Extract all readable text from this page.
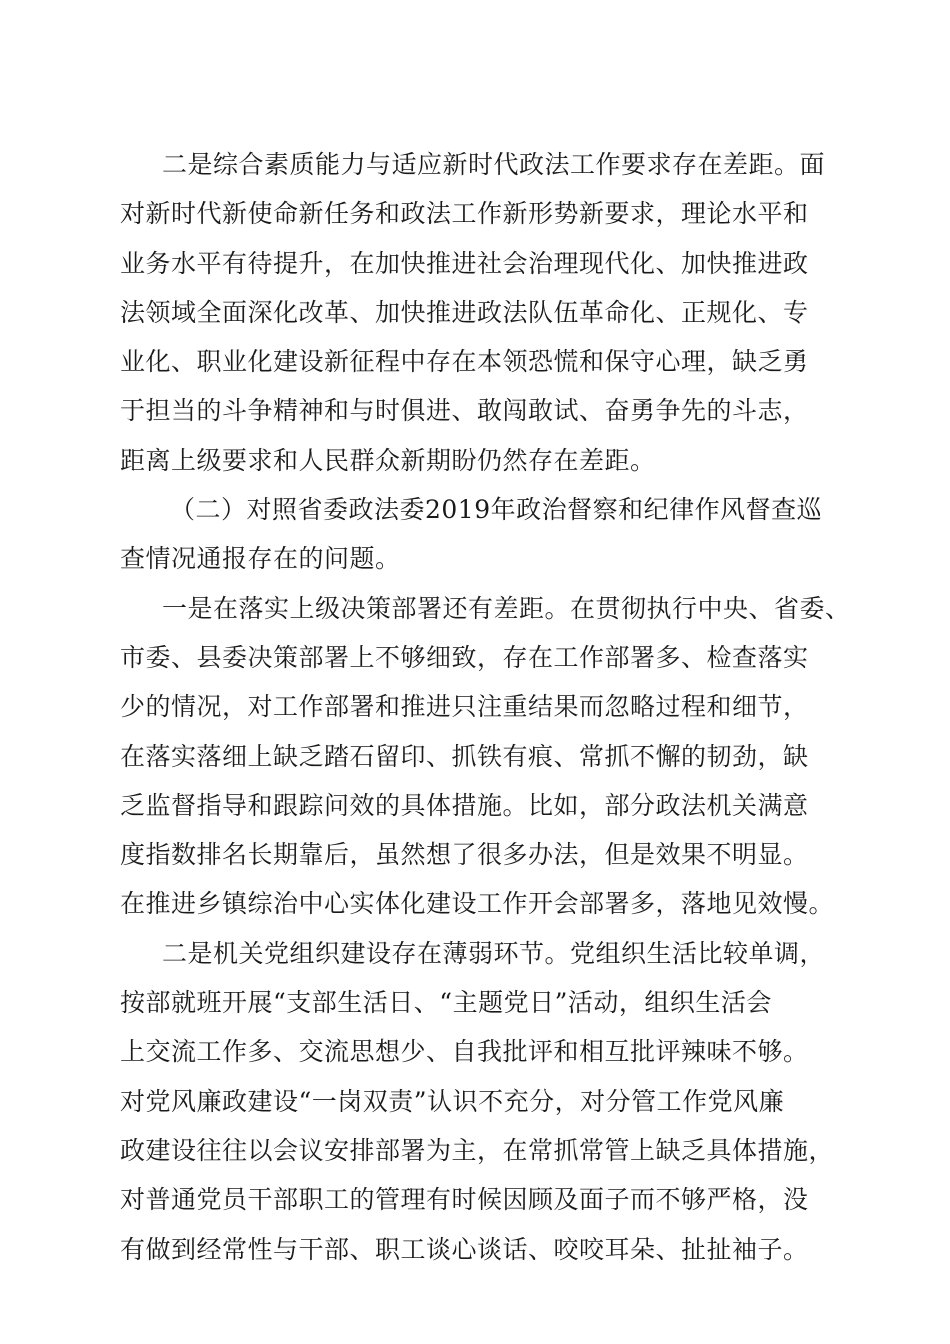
二是综合素质能力与适应新时代政法工作要求存在差距。面
对新时代新使命新任务和政法工作新形势新要求，理论水平和
业务水平有待提升，在加快推进社会治理现代化、加快推进政
法领域全面深化改革、加快推进政法队伍革命化、正规化、专
业化、职业化建设新征程中存在本领恐慌和保守心理，缺乏勇
于担当的斗争精神和与时俱进、敢闯敢试、奋勇争先的斗志，
距离上级要求和人民群众新期盼仍然存在差距。
（二）对照省委政法委2019年政治督察和纪律作风督查巡
查情况通报存在的问题。
一是在落实上级决策部署还有差距。在贯彻执行中央、省委、
市委、县委决策部署上不够细致，存在工作部署多、检查落实
少的情况，对工作部署和推进只注重结果而忽略过程和细节，
在落实落细上缺乏踏石留印、抓铁有痕、常抓不懈的韧劲，缺
乏监督指导和跟踪问效的具体措施。比如，部分政法机关满意
度指数排名长期靠后，虽然想了很多办法，但是效果不明显。
在推进乡镇综治中心实体化建设工作开会部署多，落地见效慢。
二是机关党组织建设存在薄弱环节。党组织生活比较单调，
按部就班开展“支部生活日、“主题党日”活动，组织生活会
上交流工作多、交流思想少、自我批评和相互批评辣味不够。
对党风廉政建设“一岗双责”认识不充分，对分管工作党风廉
政建设往往以会议安排部署为主，在常抓常管上缺乏具体措施，
对普通党员干部职工的管理有时候因顾及面子而不够严格，没
有做到经常性与干部、职工谈心谈话、咬咬耳朵、扯扯袖子。
